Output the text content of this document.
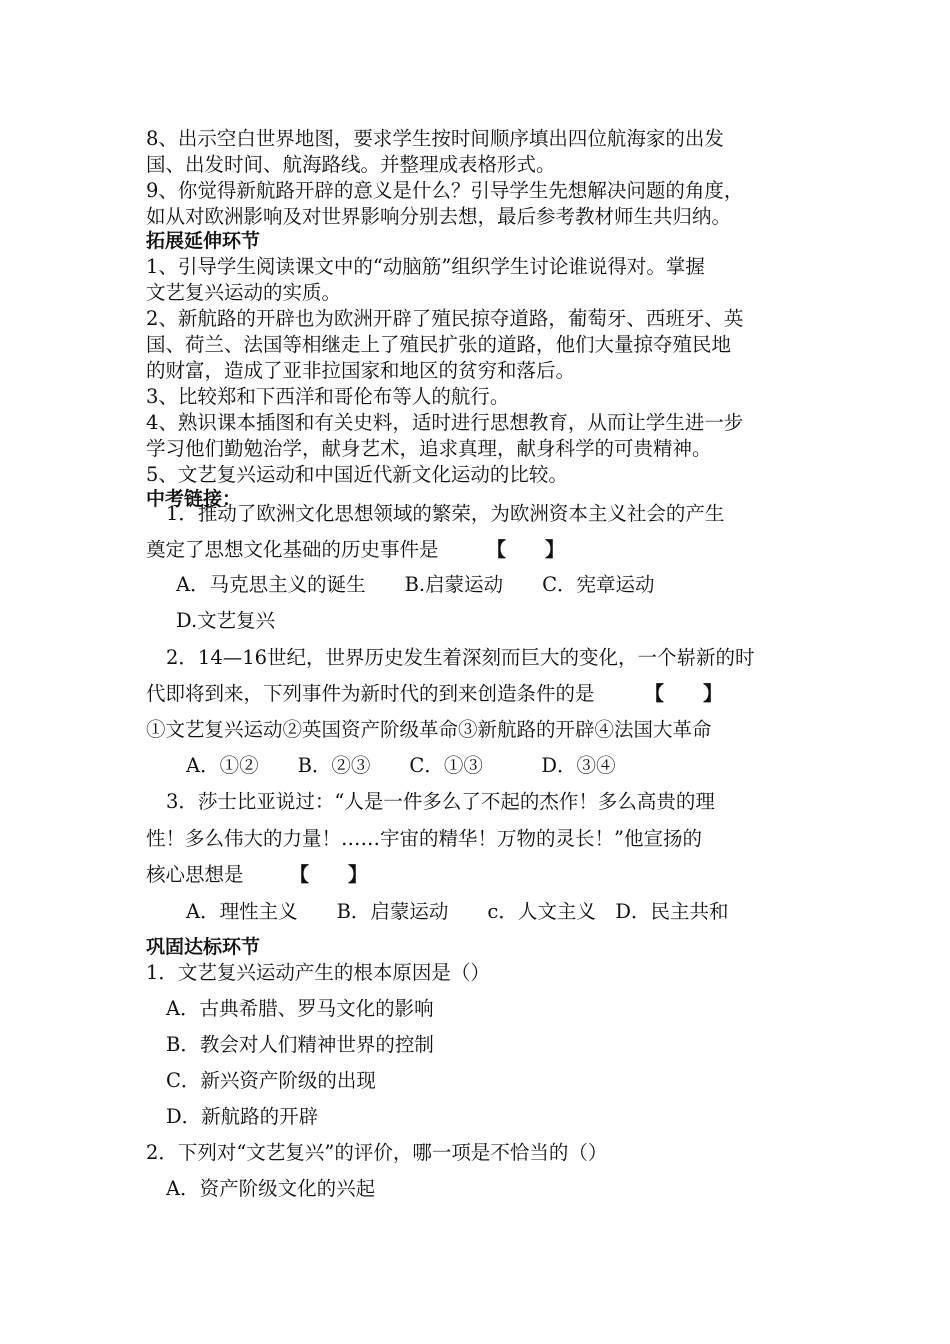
8、出示空白世界地图，要求学生按时间顺序填出四位航海家的出发
国、出发时间、航海路线。并整理成表格形式。
9、你觉得新航路开辟的意义是什么？引导学生先想解决问题的角度，
如从对欧洲影响及对世界影响分别去想，最后参考教材师生共归纳。
拓展延伸环节
1、引导学生阅读课文中的“动脑筋”组织学生讨论谁说得对。掌握
文艺复兴运动的实质。
2、新航路的开辟也为欧洲开辟了殖民掠夺道路，葡萄牙、西班牙、英
国、荷兰、法国等相继走上了殖民扩张的道路，他们大量掠夺殖民地
的财富，造成了亚非拉国家和地区的贫穷和落后。
3、比较郑和下西洋和哥伦布等人的航行。
4、熟识课本插图和有关史料，适时进行思想教育，从而让学生进一步
学习他们勤勉治学，献身艺术，追求真理，献身科学的可贵精神。
5、文艺复兴运动和中国近代新文化运动的比较。
中考链接：
1．推动了欧洲文化思想领域的繁荣，为欧洲资本主义社会的产生
奠定了思想文化基础的历史事件是 【　　】
A．马克思主义的诞生　　B.启蒙运动　　C．宪章运动
D.文艺复兴
2．14—16世纪，世界历史发生着深刻而巨大的变化，一个崭新的时
代即将到来，下列事件为新时代的到来创造条件的是	【　　】
①文艺复兴运动②英国资产阶级革命③新航路的开辟④法国大革命
A．①②　　B．②③　　C．①③　　　D．③④
3．莎士比亚说过：“人是一件多么了不起的杰作！多么高贵的理
性！多么伟大的力量！……宇宙的精华！万物的灵长！”他宣扬的
核心思想是 【　　】
A．理性主义　　B．启蒙运动　　c．人文主义　D．民主共和
巩固达标环节
1．文艺复兴运动产生的根本原因是（）
A．古典希腊、罗马文化的影响
B．教会对人们精神世界的控制
C．新兴资产阶级的出现
D．新航路的开辟
2．下列对“文艺复兴”的评价，哪一项是不恰当的（）
A．资产阶级文化的兴起
